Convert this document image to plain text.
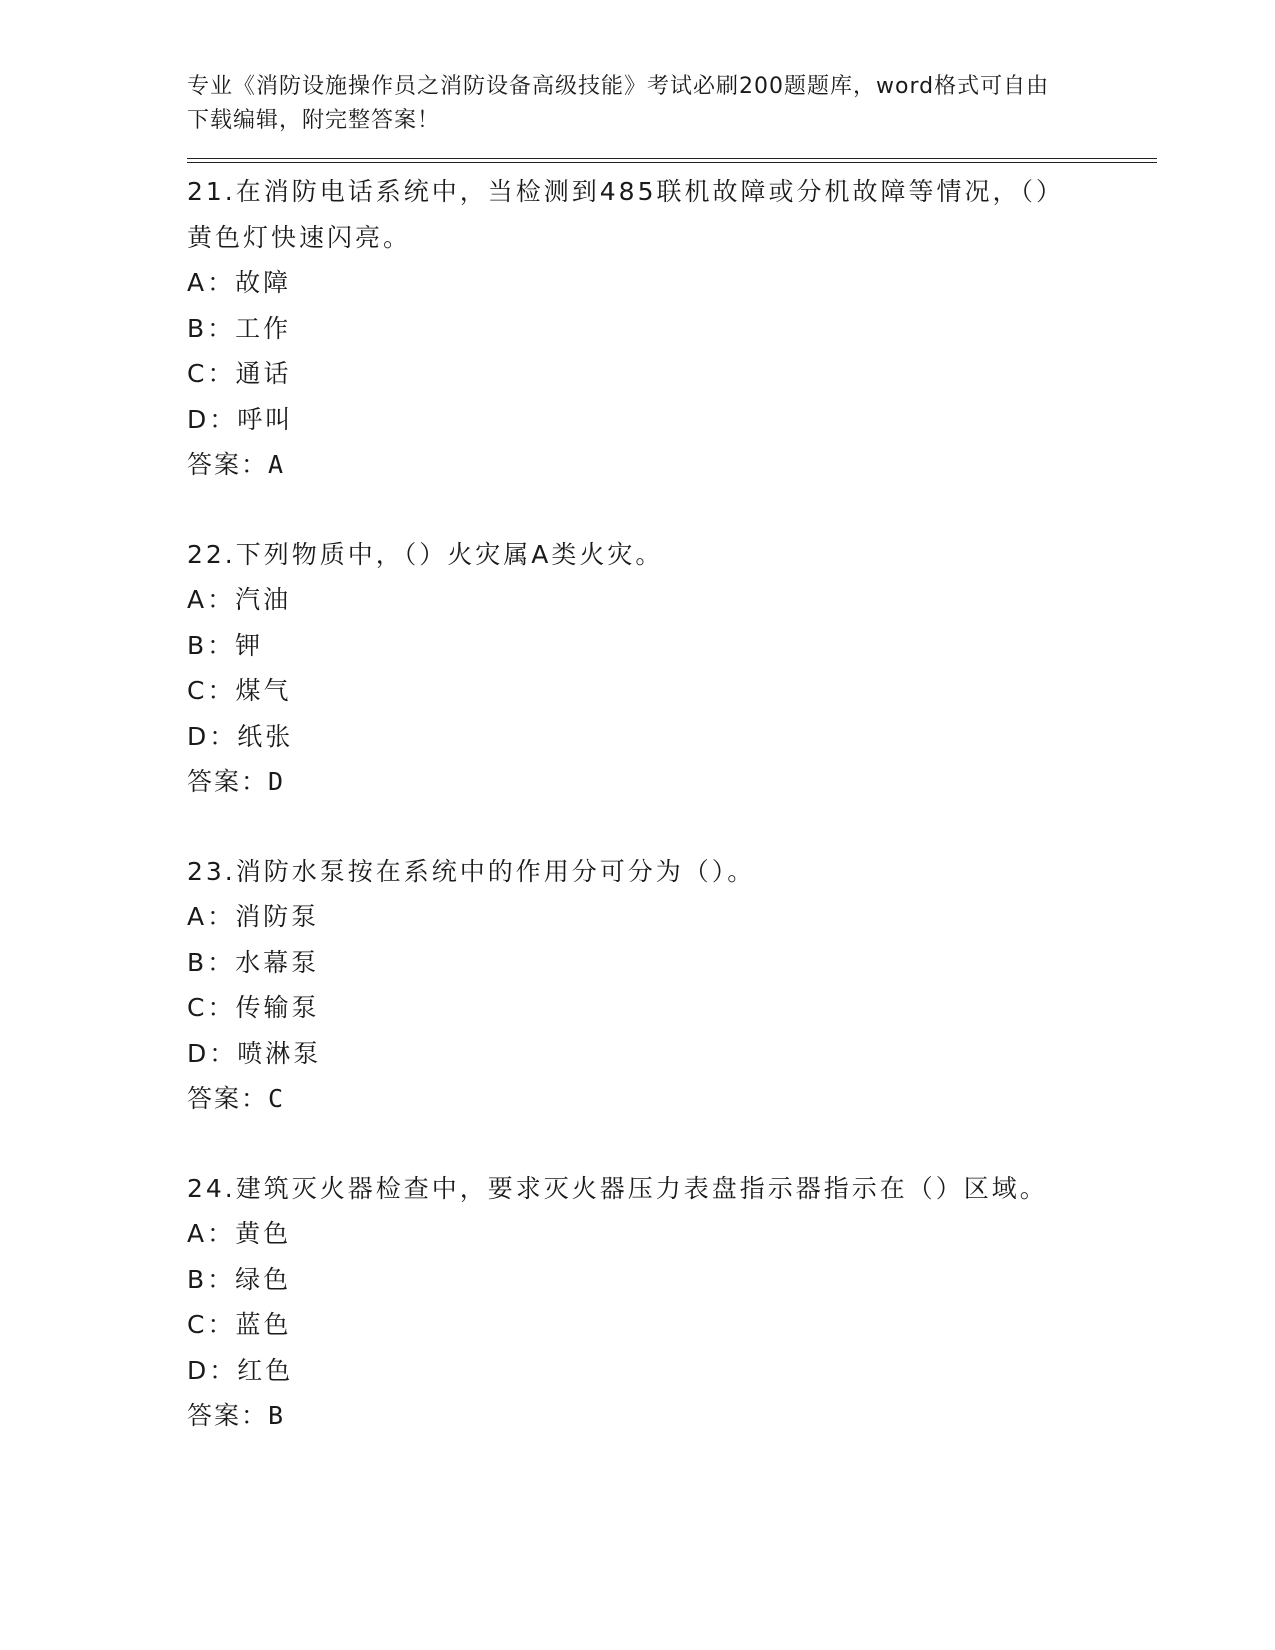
专业《消防设施操作员之消防设备高级技能》考试必刷200题题库，word格式可自由下载编辑，附完整答案！
21.在消防电话系统中，当检测到485联机故障或分机故障等情况，（）黄色灯快速闪亮。
A：故障
B：工作
C：通话
D：呼叫
答案：A
22.下列物质中，（）火灾属A类火灾。
A：汽油
B：钾
C：煤气
D：纸张
答案：D
23.消防水泵按在系统中的作用分可分为（）。
A：消防泵
B：水幕泵
C：传输泵
D：喷淋泵
答案：C
24.建筑灭火器检查中，要求灭火器压力表盘指示器指示在（）区域。
A：黄色
B：绿色
C：蓝色
D：红色
答案：B
